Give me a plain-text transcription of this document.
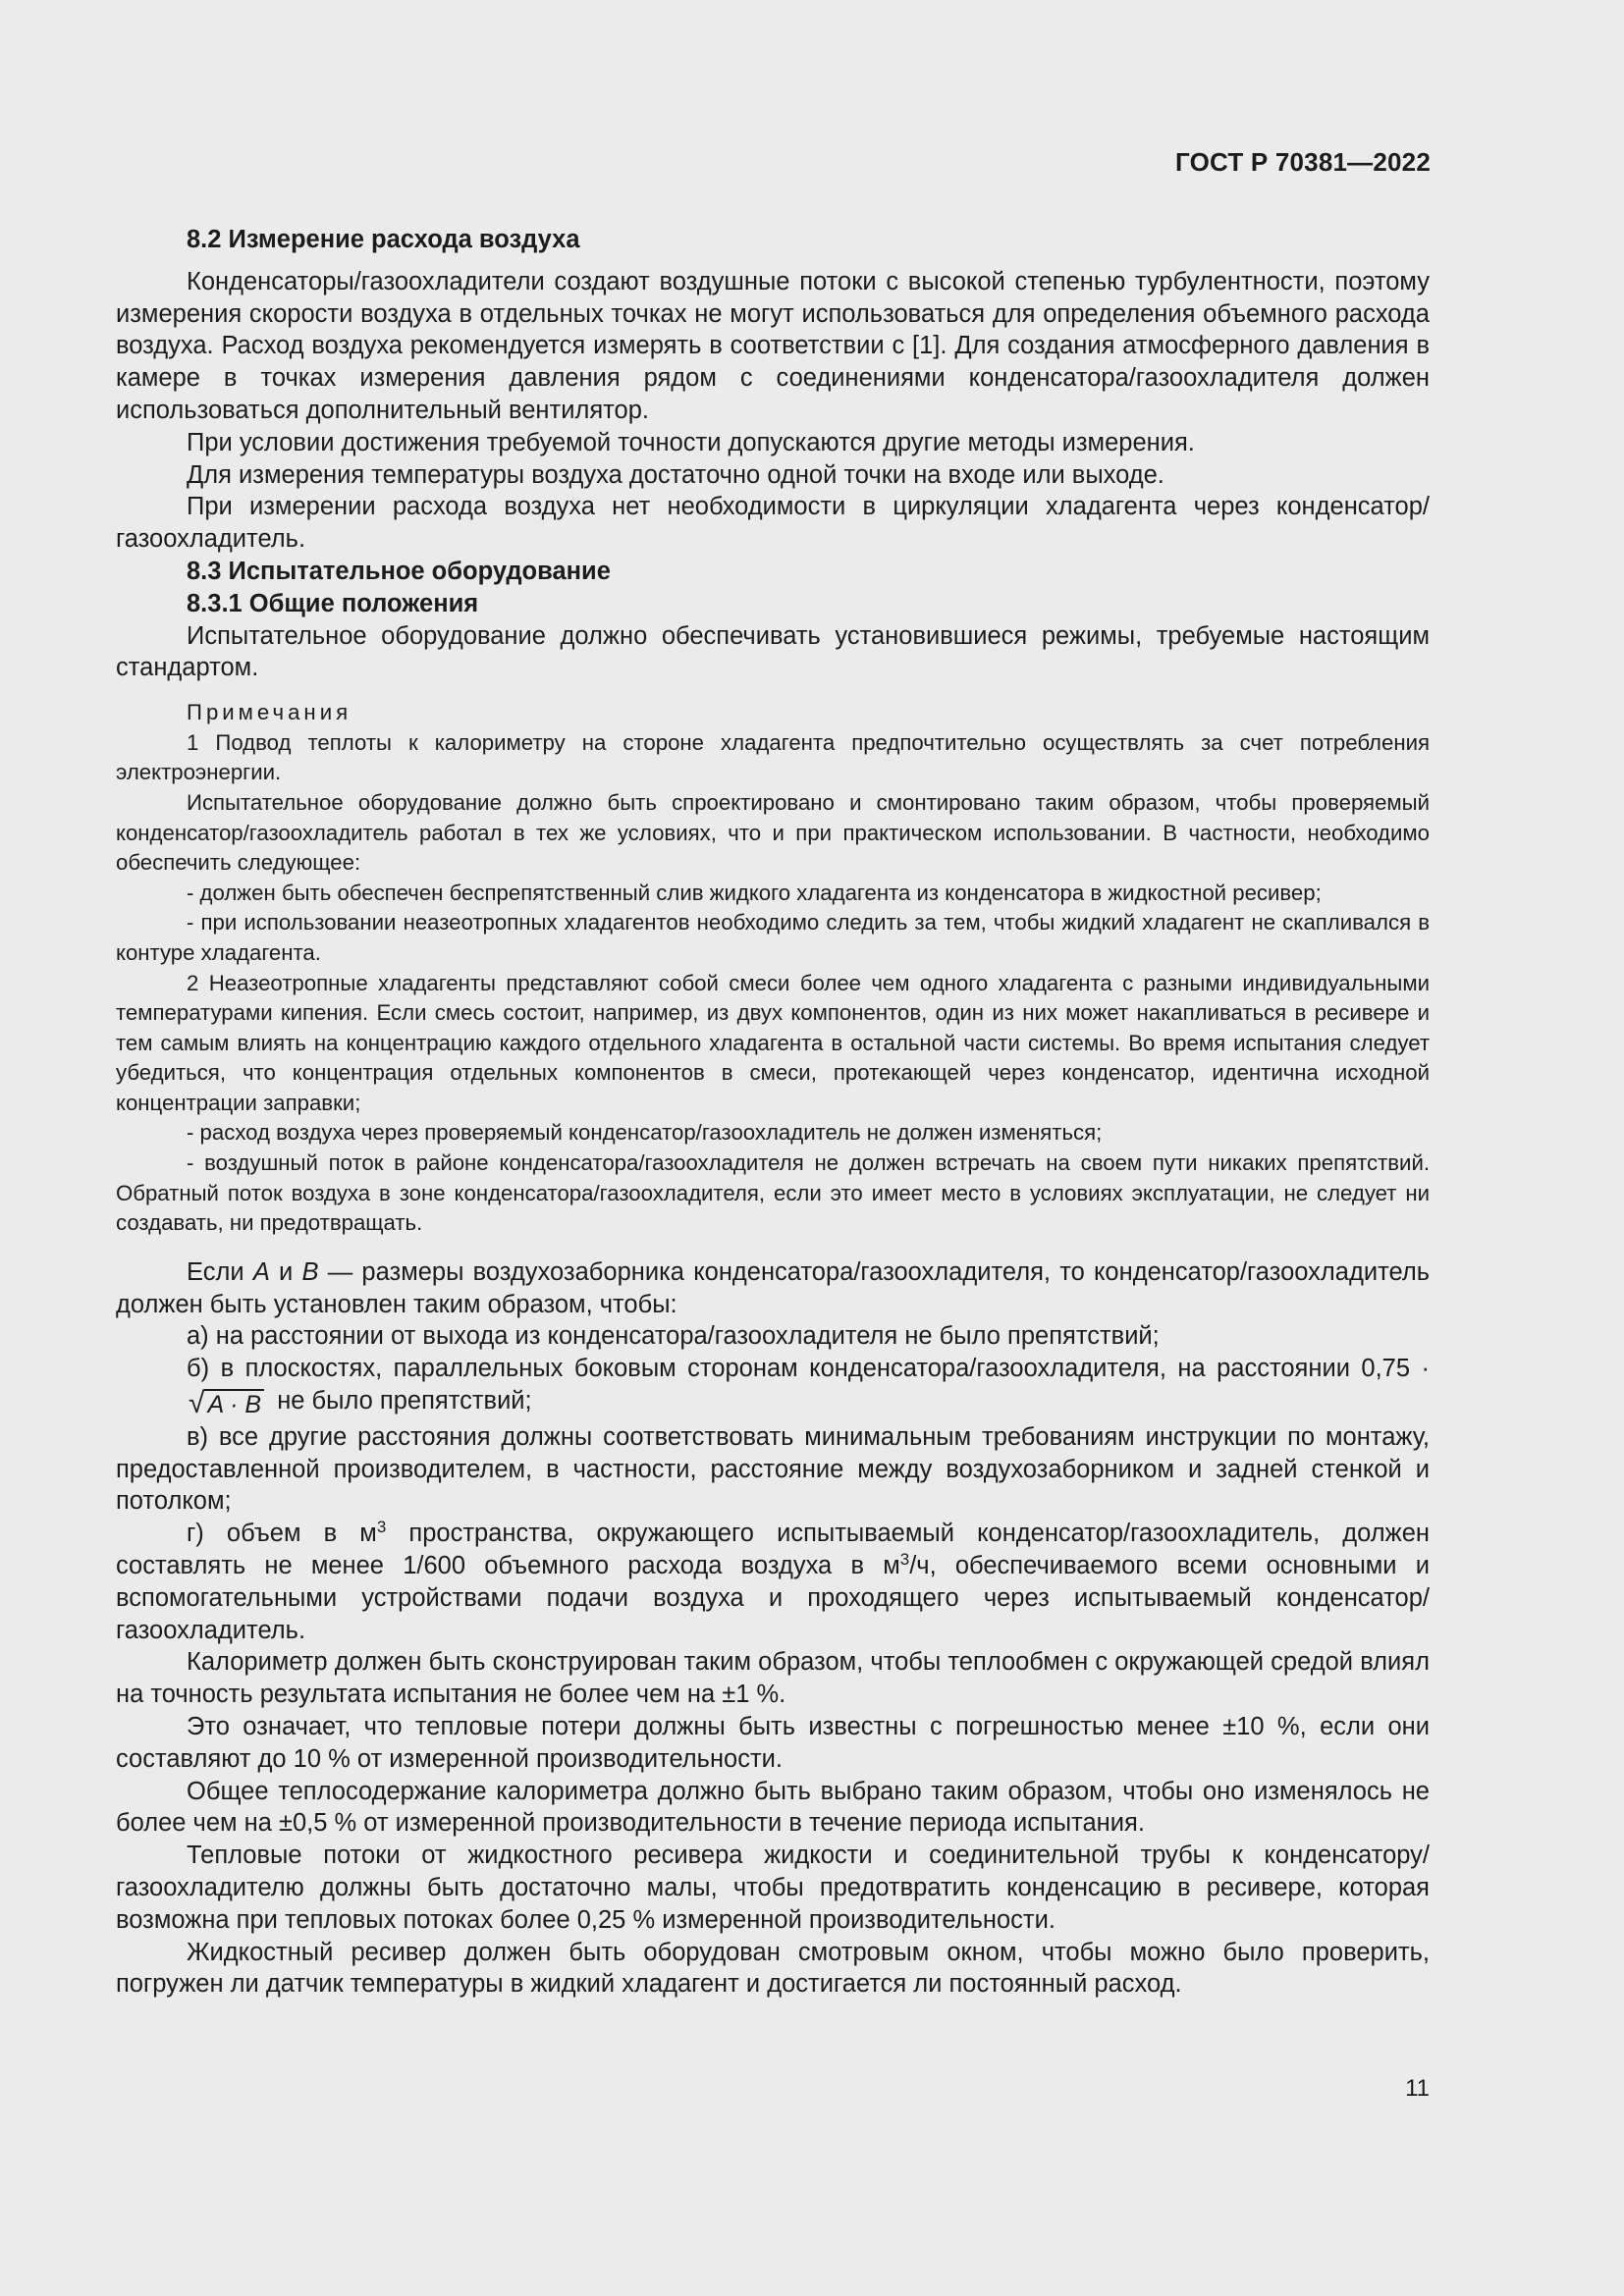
ГОСТ Р 70381—2022

8.2 Измерение расхода воздуха

Конденсаторы/газоохладители создают воздушные потоки с высокой степенью турбулентности, поэтому измерения скорости воздуха в отдельных точках не могут использоваться для определения объемного расхода воздуха. Расход воздуха рекомендуется измерять в соответствии с [1]. Для создания атмосферного давления в камере в точках измерения давления рядом с соединениями конденсатора/газоохладителя должен использоваться дополнительный вентилятор.

При условии достижения требуемой точности допускаются другие методы измерения.

Для измерения температуры воздуха достаточно одной точки на входе или выходе.

При измерении расхода воздуха нет необходимости в циркуляции хладагента через конденсатор/газоохладитель.

8.3 Испытательное оборудование

8.3.1 Общие положения

Испытательное оборудование должно обеспечивать установившиеся режимы, требуемые настоящим стандартом.

Примечания

1 Подвод теплоты к калориметру на стороне хладагента предпочтительно осуществлять за счет потребления электроэнергии.

Испытательное оборудование должно быть спроектировано и смонтировано таким образом, чтобы проверяемый конденсатор/газоохладитель работал в тех же условиях, что и при практическом использовании. В частности, необходимо обеспечить следующее:

- должен быть обеспечен беспрепятственный слив жидкого хладагента из конденсатора в жидкостной ресивер;

- при использовании неазеотропных хладагентов необходимо следить за тем, чтобы жидкий хладагент не скапливался в контуре хладагента.

2 Неазеотропные хладагенты представляют собой смеси более чем одного хладагента с разными индивидуальными температурами кипения. Если смесь состоит, например, из двух компонентов, один из них может накапливаться в ресивере и тем самым влиять на концентрацию каждого отдельного хладагента в остальной части системы. Во время испытания следует убедиться, что концентрация отдельных компонентов в смеси, протекающей через конденсатор, идентична исходной концентрации заправки;

- расход воздуха через проверяемый конденсатор/газоохладитель не должен изменяться;

- воздушный поток в районе конденсатора/газоохладителя не должен встречать на своем пути никаких препятствий. Обратный поток воздуха в зоне конденсатора/газоохладителя, если это имеет место в условиях эксплуатации, не следует ни создавать, ни предотвращать.

Если А и В — размеры воздухозаборника конденсатора/газоохладителя, то конденсатор/газоохладитель должен быть установлен таким образом, чтобы:

а) на расстоянии от выхода из конденсатора/газоохладителя не было препятствий;

б) в плоскостях, параллельных боковым сторонам конденсатора/газоохладителя, на расстоянии 0,75 · √ A · B не было препятствий;

в) все другие расстояния должны соответствовать минимальным требованиям инструкции по монтажу, предоставленной производителем, в частности, расстояние между воздухозаборником и задней стенкой и потолком;

г) объем в $м^3$ пространства, окружающего испытываемый конденсатор/газоохладитель, должен составлять не менее 1/600 объемного расхода воздуха в $м^3/ч$, обеспечиваемого всеми основными и вспомогательными устройствами подачи воздуха и проходящего через испытываемый конденсатор/газоохладитель.

Калориметр должен быть сконструирован таким образом, чтобы теплообмен с окружающей средой влиял на точность результата испытания не более чем на ±1 %.

Это означает, что тепловые потери должны быть известны с погрешностью менее ±10 %, если они составляют до 10 % от измеренной производительности.

Общее теплосодержание калориметра должно быть выбрано таким образом, чтобы оно изменялось не более чем на ±0,5 % от измеренной производительности в течение периода испытания.

Тепловые потоки от жидкостного ресивера жидкости и соединительной трубы к конденсатору/газоохладителю должны быть достаточно малы, чтобы предотвратить конденсацию в ресивере, которая возможна при тепловых потоках более 0,25 % измеренной производительности.

Жидкостный ресивер должен быть оборудован смотровым окном, чтобы можно было проверить, погружен ли датчик температуры в жидкий хладагент и достигается ли постоянный расход.

11
